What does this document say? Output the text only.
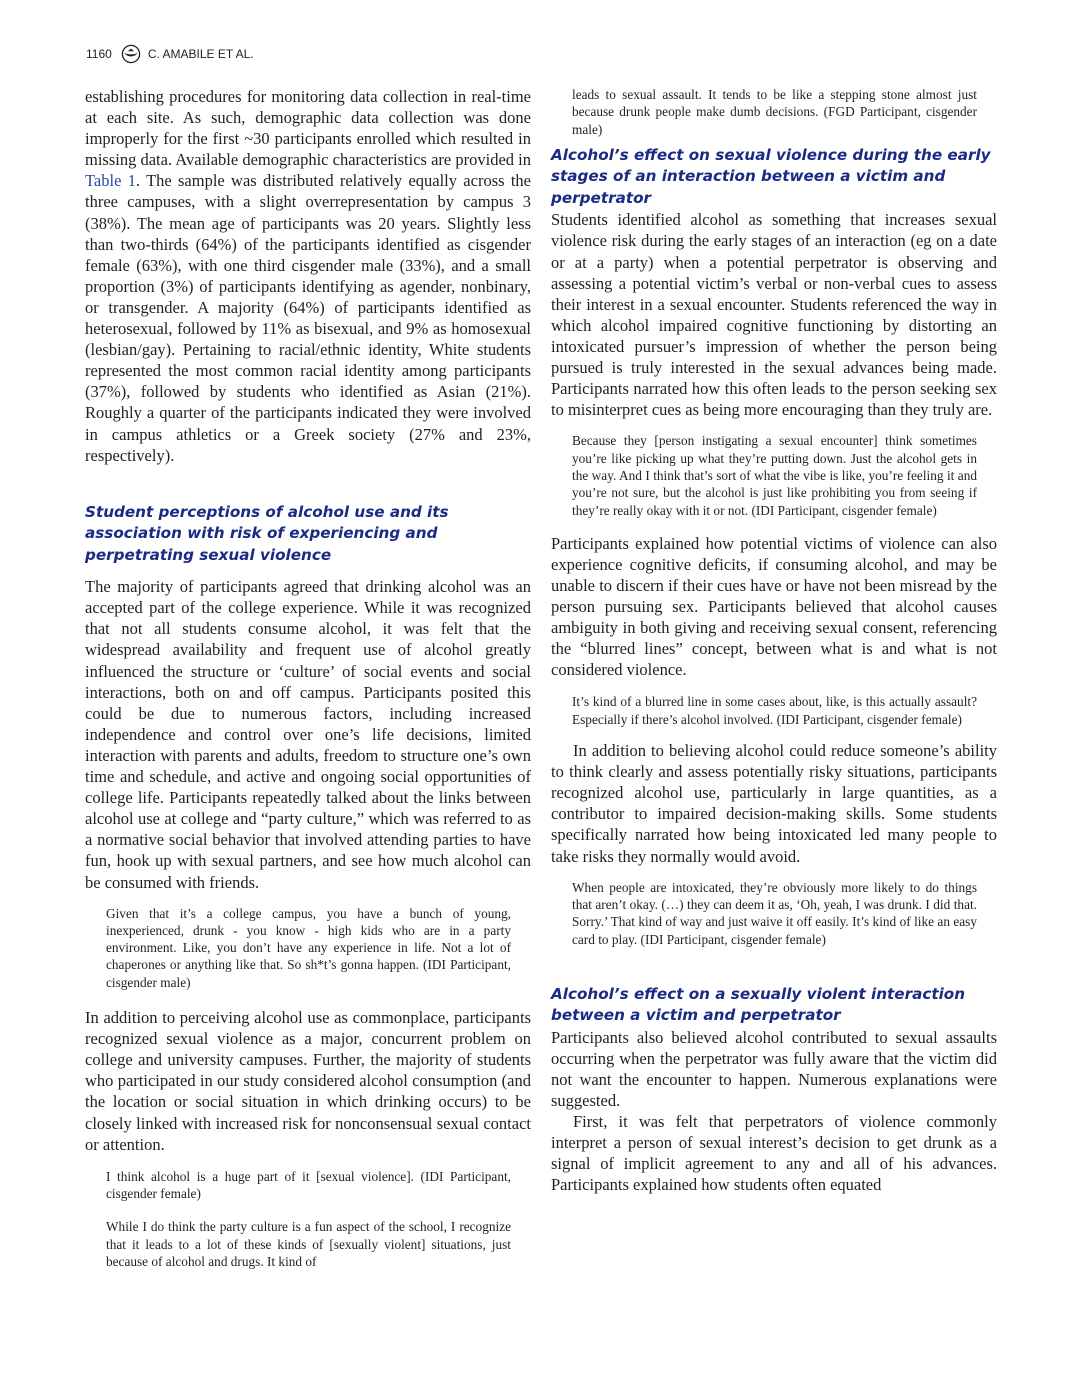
1160	C. AMABILE ET AL.

establishing procedures for monitoring data collection in real-time at each site. As such, demographic data collection was done improperly for the first ~30 participants enrolled which resulted in missing data. Available demographic characteristics are provided in Table 1. The sample was distributed relatively equally across the three campuses, with a slight overrepresentation by campus 3 (38%). The mean age of participants was 20 years. Slightly less than two-thirds (64%) of the participants identified as cisgender female (63%), with one third cisgender male (33%), and a small proportion (3%) of participants identifying as agender, nonbinary, or transgender. A majority (64%) of participants identified as heterosexual, followed by 11% as bisexual, and 9% as homosexual (lesbian/gay). Pertaining to racial/ethnic identity, White students represented the most common racial identity among participants (37%), followed by students who identified as Asian (21%). Roughly a quarter of the participants indicated they were involved in campus athletics or a Greek society (27% and 23%, respectively).

Student perceptions of alcohol use and its association with risk of experiencing and perpetrating sexual violence

The majority of participants agreed that drinking alcohol was an accepted part of the college experience. While it was recognized that not all students consume alcohol, it was felt that the widespread availability and frequent use of alcohol greatly influenced the structure or ‘culture’ of social events and social interactions, both on and off campus. Participants posited this could be due to numerous factors, including increased independence and control over one’s life decisions, limited interaction with parents and adults, freedom to structure one’s own time and schedule, and active and ongoing social opportunities of college life. Participants repeatedly talked about the links between alcohol use at college and “party culture,” which was referred to as a normative social behavior that involved attending parties to have fun, hook up with sexual partners, and see how much alcohol can be consumed with friends.

Given that it’s a college campus, you have a bunch of young, inexperienced, drunk - you know - high kids who are in a party environment. Like, you don’t have any experience in life. Not a lot of chaperones or anything like that. So sh*t’s gonna happen. (IDI Participant, cisgender male)

In addition to perceiving alcohol use as commonplace, participants recognized sexual violence as a major, concurrent problem on college and university campuses. Further, the majority of students who participated in our study considered alcohol consumption (and the location or social situation in which drinking occurs) to be closely linked with increased risk for nonconsensual sexual contact or attention.

I think alcohol is a huge part of it [sexual violence]. (IDI Participant, cisgender female)

While I do think the party culture is a fun aspect of the school, I recognize that it leads to a lot of these kinds of [sexually violent] situations, just because of alcohol and drugs. It kind of

leads to sexual assault. It tends to be like a stepping stone almost just because drunk people make dumb decisions. (FGD Participant, cisgender male)

Alcohol’s effect on sexual violence during the early stages of an interaction between a victim and perpetrator

Students identified alcohol as something that increases sexual violence risk during the early stages of an interaction (eg on a date or at a party) when a potential perpetrator is observing and assessing a potential victim’s verbal or non-verbal cues to assess their interest in a sexual encounter. Students referenced the way in which alcohol impaired cognitive functioning by distorting an intoxicated pursuer’s impression of whether the person being pursued is truly interested in the sexual advances being made. Participants narrated how this often leads to the person seeking sex to misinterpret cues as being more encouraging than they truly are.

Because they [person instigating a sexual encounter] think sometimes you’re like picking up what they’re putting down. Just the alcohol gets in the way. And I think that’s sort of what the vibe is like, you’re feeling it and you’re not sure, but the alcohol is just like prohibiting you from seeing if they’re really okay with it or not. (IDI Participant, cisgender female)

Participants explained how potential victims of violence can also experience cognitive deficits, if consuming alcohol, and may be unable to discern if their cues have or have not been misread by the person pursuing sex. Participants believed that alcohol causes ambiguity in both giving and receiving sexual consent, referencing the “blurred lines” concept, between what is and what is not considered violence.

It’s kind of a blurred line in some cases about, like, is this actually assault? Especially if there’s alcohol involved. (IDI Participant, cisgender female)

In addition to believing alcohol could reduce someone’s ability to think clearly and assess potentially risky situations, participants recognized alcohol use, particularly in large quantities, as a contributor to impaired decision-making skills. Some students specifically narrated how being intoxicated led many people to take risks they normally would avoid.

When people are intoxicated, they’re obviously more likely to do things that aren’t okay. (…) they can deem it as, ‘Oh, yeah, I was drunk. I did that. Sorry.’ That kind of way and just waive it off easily. It’s kind of like an easy card to play. (IDI Participant, cisgender female)

Alcohol’s effect on a sexually violent interaction between a victim and perpetrator

Participants also believed alcohol contributed to sexual assaults occurring when the perpetrator was fully aware that the victim did not want the encounter to happen. Numerous explanations were suggested.

First, it was felt that perpetrators of violence commonly interpret a person of sexual interest’s decision to get drunk as a signal of implicit agreement to any and all of his advances. Participants explained how students often equated
